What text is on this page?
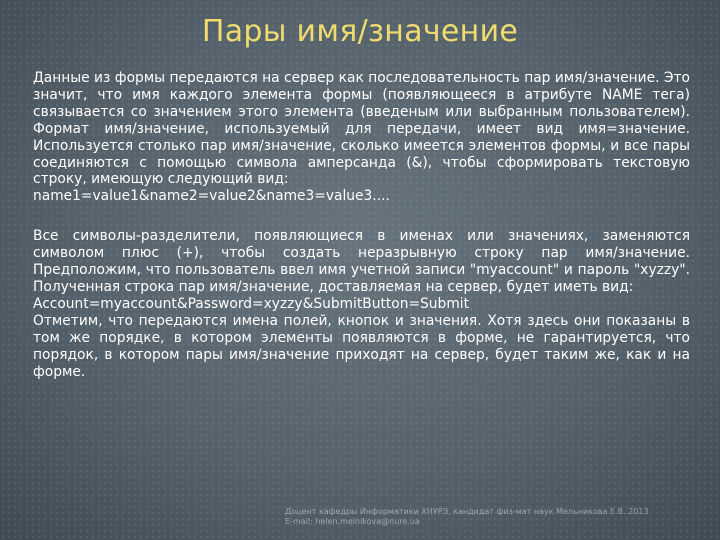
Пары имя/значение

Данные из формы передаются на сервер как последовательность пар имя/значение. Это значит, что имя каждого элемента формы (появляющееся в атрибуте NAME тега) связывается со значением этого элемента (введеным или выбранным пользователем). Формат имя/значение, используемый для передачи, имеет вид имя=значение. Используется столько пар имя/значение, сколько имеется элементов формы, и все пары соединяются с помощью символа амперсанда (&), чтобы сформировать текстовую строку, имеющую следующий вид:

name1=value1&name2=value2&name3=value3....

Все символы-разделители, появляющиеся в именах или значениях, заменяются символом плюс (+), чтобы создать неразрывную строку пар имя/значение. Предположим, что пользователь ввел имя учетной записи "myaccount" и пароль "xyzzy". Полученная строка пар имя/значение, доставляемая на сервер, будет иметь вид:

Account=myaccount&Password=xyzzy&SubmitButton=Submit

Отметим, что передаются имена полей, кнопок и значения. Хотя здесь они показаны в том же порядке, в котором элементы появляются в форме, не гарантируется, что порядок, в котором пары имя/значение приходят на сервер, будет таким же, как и на форме.

Доцент кафедры Информатики ХНУРЭ, кандидат физ-мат наук Мельникова Е.В. 2013
E-mail: helen.melnikova@nure.ua
